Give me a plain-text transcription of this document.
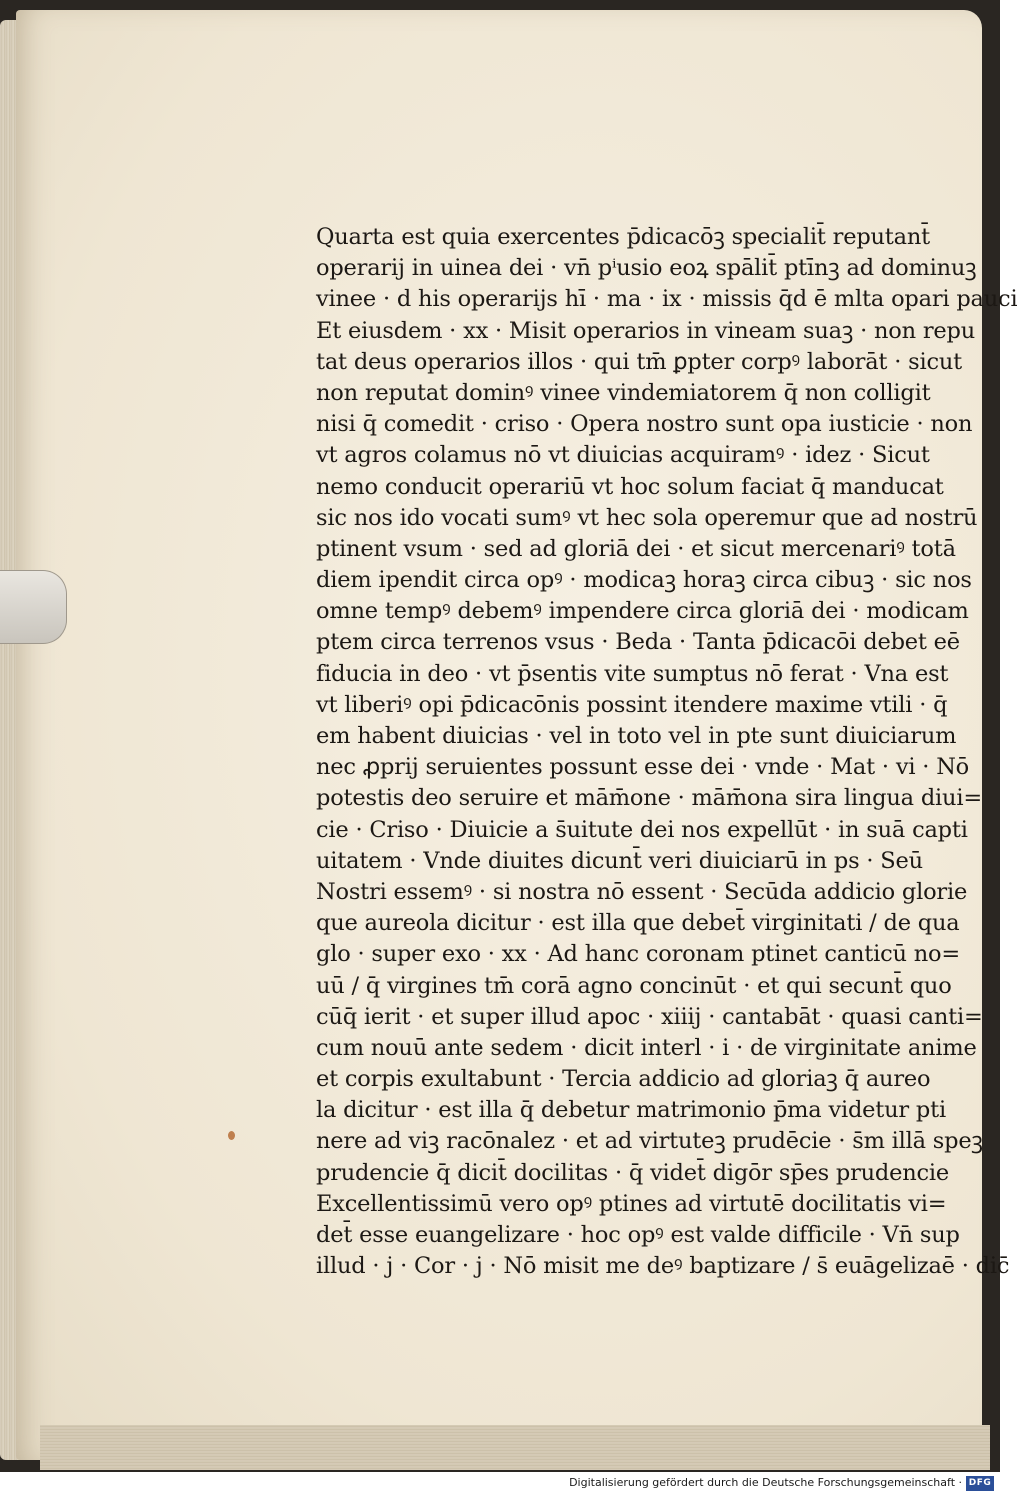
Quarta est quia exercentes p̄dicacōꝫ specialit̄ reputant̄
operarij in uinea dei · vn̄ pⁱusio eoꝝ spālit̄ ptīnꝫ ad dominuꝫ
vinee · d his operarijs hī · ma · ix · missis q̄d ē mlta opari pauci
Et eiusdem · xx · Misit operarios in vineam suaꝫ · non repu
tat deus operarios illos · qui tm̄ ꝑpter corpꝰ laborāt · sicut
non reputat dominꝰ vinee vindemiatorem q̄ non colligit
nisi q̄ comedit · criso · Opera nostro sunt opa iusticie · non
vt agros colamus nō vt diuicias acquiramꝰ · idez · Sicut
nemo conducit operariū vt hoc solum faciat q̄ manducat
sic nos ido vocati sumꝰ vt hec sola operemur que ad nostrū
ptinent vsum · sed ad gloriā dei · et sicut mercenariꝰ totā
diem ipendit circa opꝰ · modicaꝫ horaꝫ circa cibuꝫ · sic nos
omne tempꝰ debemꝰ impendere circa gloriā dei · modicam
ptem circa terrenos vsus · Beda · Tanta p̄dicacōi debet eē
fiducia in deo · vt p̄sentis vite sumptus nō ferat · Vna est
vt liberiꝰ opi p̄dicacōnis possint itendere maxime vtili · q̄
em habent diuicias · vel in toto vel in pte sunt diuiciarum
nec ꝓprij seruientes possunt esse dei · vnde · Mat · vi · Nō
potestis deo seruire et mām̄one · mām̄ona sira lingua diui=
cie · Criso · Diuicie a s̄uitute dei nos expellūt · in suā capti
uitatem · Vnde diuites dicunt̄ veri diuiciarū in ps · Seū
Nostri essemꝰ · si nostra nō essent · Secūda addicio glorie
que aureola dicitur · est illa que debet̄ virginitati / de qua
glo · super exo · xx · Ad hanc coronam ptinet canticū no=
uū / q̄ virgines tm̄ corā agno concinūt · et qui secunt̄ quo
cūq̄ ierit · et super illud apoc · xiiij · cantabāt · quasi canti=
cum nouū ante sedem · dicit interl · i · de virginitate anime
et corpis exultabunt · Tercia addicio ad gloriaꝫ q̄ aureo
la dicitur · est illa q̄ debetur matrimonio p̄ma videtur pti
nere ad viꝫ racōnalez · et ad virtuteꝫ prudēcie · s̄m illā speꝫ
prudencie q̄ dicit̄ docilitas · q̄ videt̄ digōr sp̄es prudencie
Excellentissimū vero opꝰ ptines ad virtutē docilitatis vi=
det̄ esse euangelizare · hoc opꝰ est valde difficile · Vn̄ sup
illud · j · Cor · j · Nō misit me deꝰ baptizare / s̄ euāgelizaē · dic̄
Digitalisierung gefördert durch die Deutsche Forschungsgemeinschaft · DFG
